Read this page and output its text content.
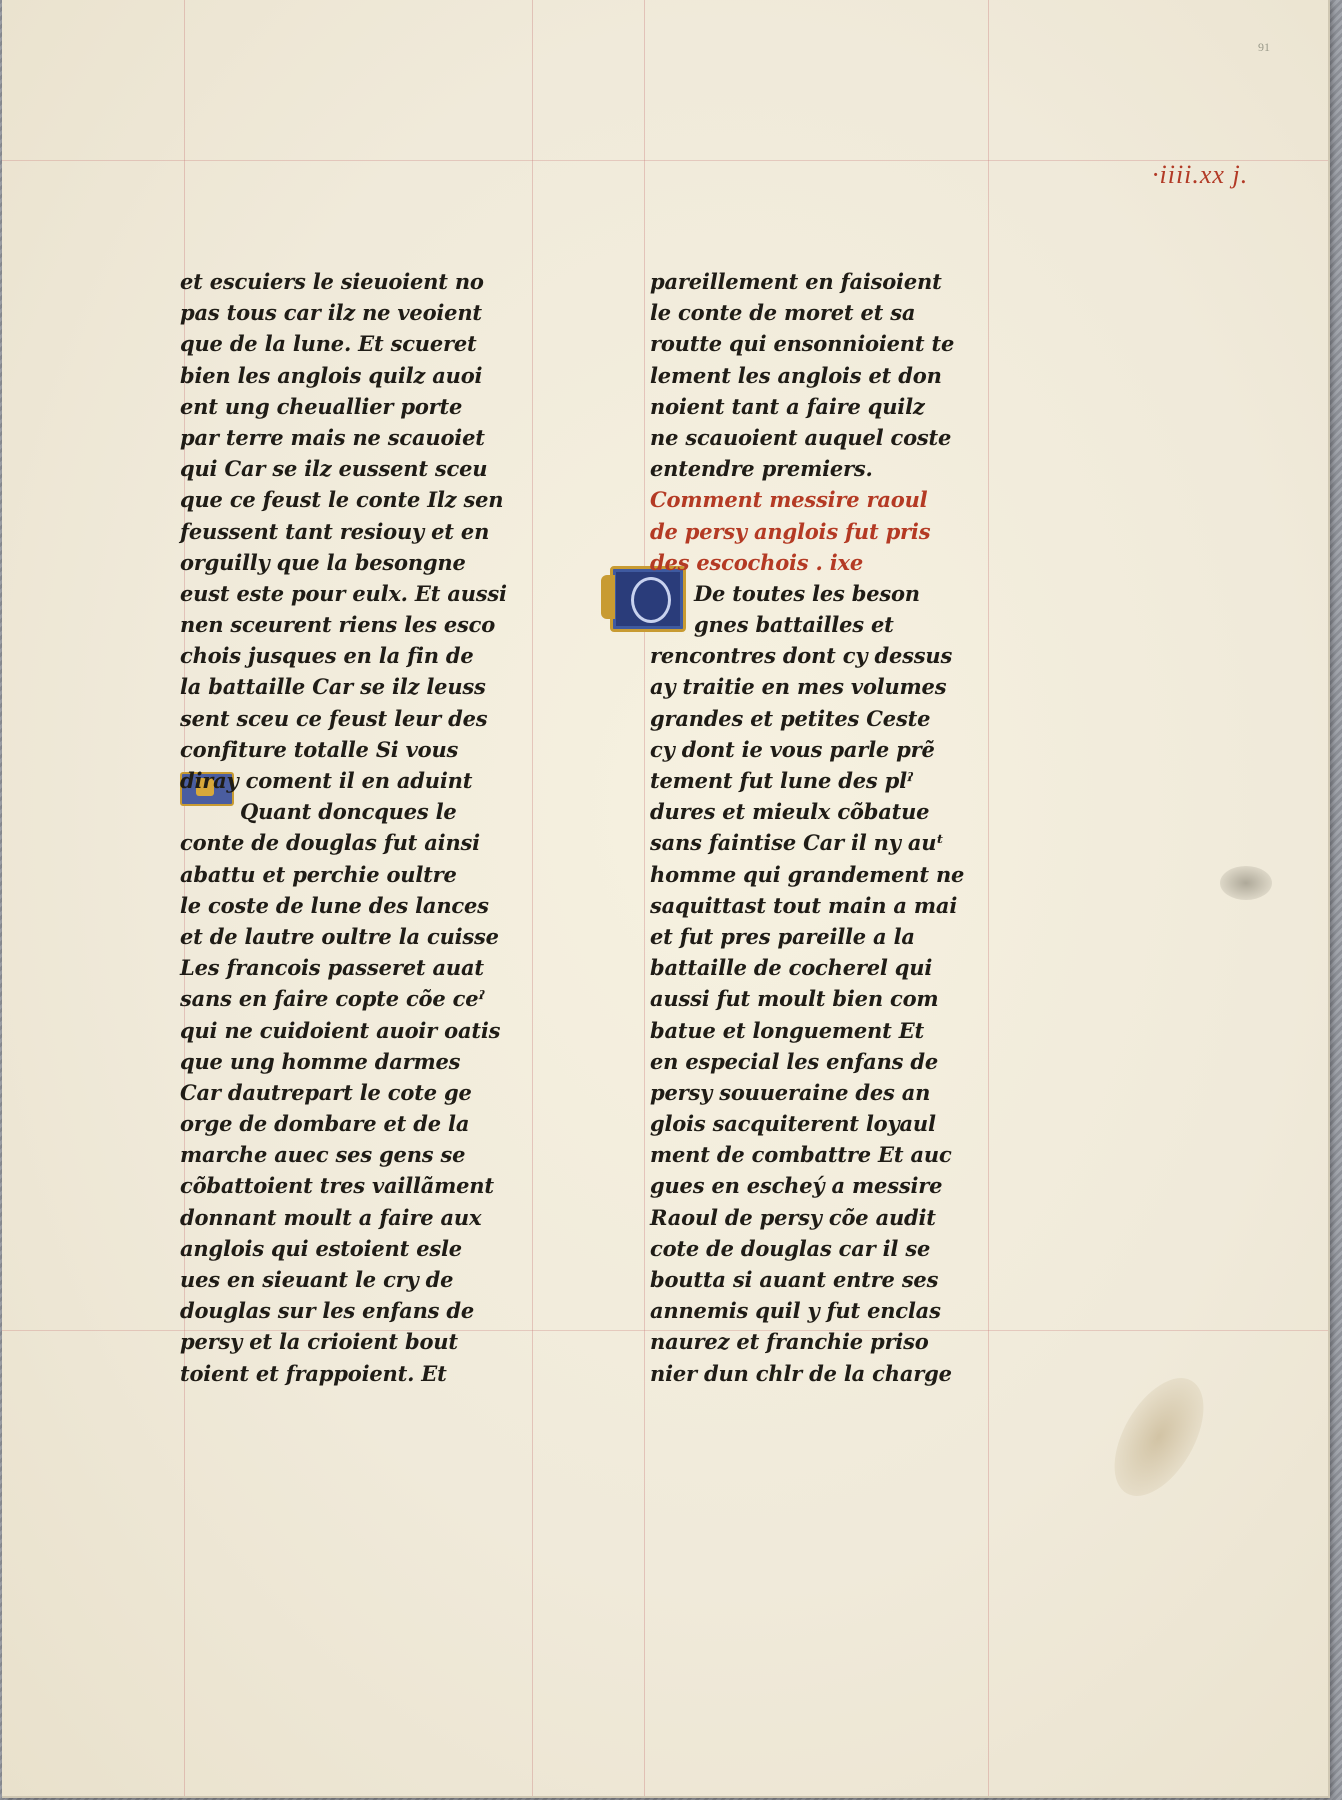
91
·iiii.xx j.
et escuiers le sieuoient no
pas tous car ilz ne veoient
que de la lune. Et scueret
bien les anglois quilz auoi
ent ung cheuallier porte
par terre mais ne scauoiet
qui Car se ilz eussent sceu
que ce feust le conte Ilz sen
feussent tant resiouy et en
orguilly que la besongne
eust este pour eulx. Et aussi
nen sceurent riens les esco
chois jusques en la fin de
la battaille Car se ilz leuss
sent sceu ce feust leur des
confiture totalle Si vous
diray coment il en aduint
Quant doncques le
conte de douglas fut ainsi
abattu et perchie oultre
le coste de lune des lances
et de lautre oultre la cuisse
Les francois passeret auat
sans en faire copte cõe ceˀ
qui ne cuidoient auoir oatis
que ung homme darmes
Car dautrepart le cote ge
orge de dombare et de la
marche auec ses gens se
cõbattoient tres vaillãment
donnant moult a faire aux
anglois qui estoient esle
ues en sieuant le cry de
douglas sur les enfans de
persy et la crioient bout
toient et frappoient. Et
pareillement en faisoient
le conte de moret et sa
routte qui ensonnioient te
lement les anglois et don
noient tant a faire quilz
ne scauoient auquel coste
entendre premiers.
Comment messire raoul
de persy anglois fut pris
des escochois . ixe
De toutes les beson
gnes battailles et
rencontres dont cy dessus
ay traitie en mes volumes
grandes et petites Ceste
cy dont ie vous parle prẽ
tement fut lune des plˀ
dures et mieulx cõbatue
sans faintise Car il ny auᵗ
homme qui grandement ne
saquittast tout main a mai
et fut pres pareille a la
battaille de cocherel qui
aussi fut moult bien com
batue et longuement Et
en especial les enfans de
persy souueraine des an
glois sacquiterent loyaul
ment de combattre Et auc
gues en escheý a messire
Raoul de persy cõe audit
cote de douglas car il se
boutta si auant entre ses
annemis quil y fut enclas
naurez et franchie priso
nier dun chlr de la charge
